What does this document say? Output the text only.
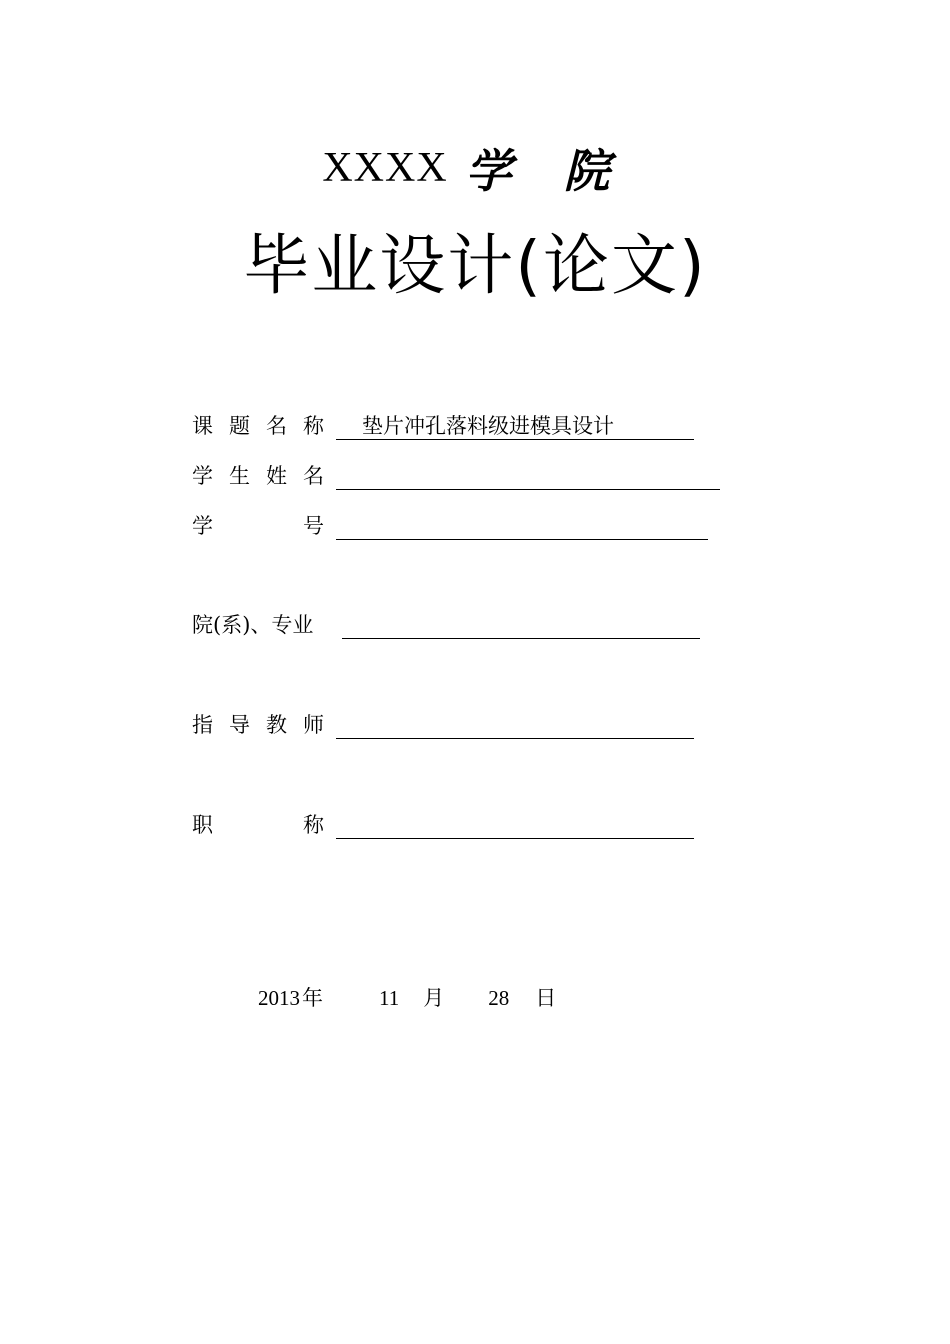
XXXX 学 院
毕业设计(论文)
课 题 名 称	垫片冲孔落料级进模具设计
学 生 姓 名
学	号
院(系)、专业
指 导 教 师
职	称
2013年	11 月 28 日
